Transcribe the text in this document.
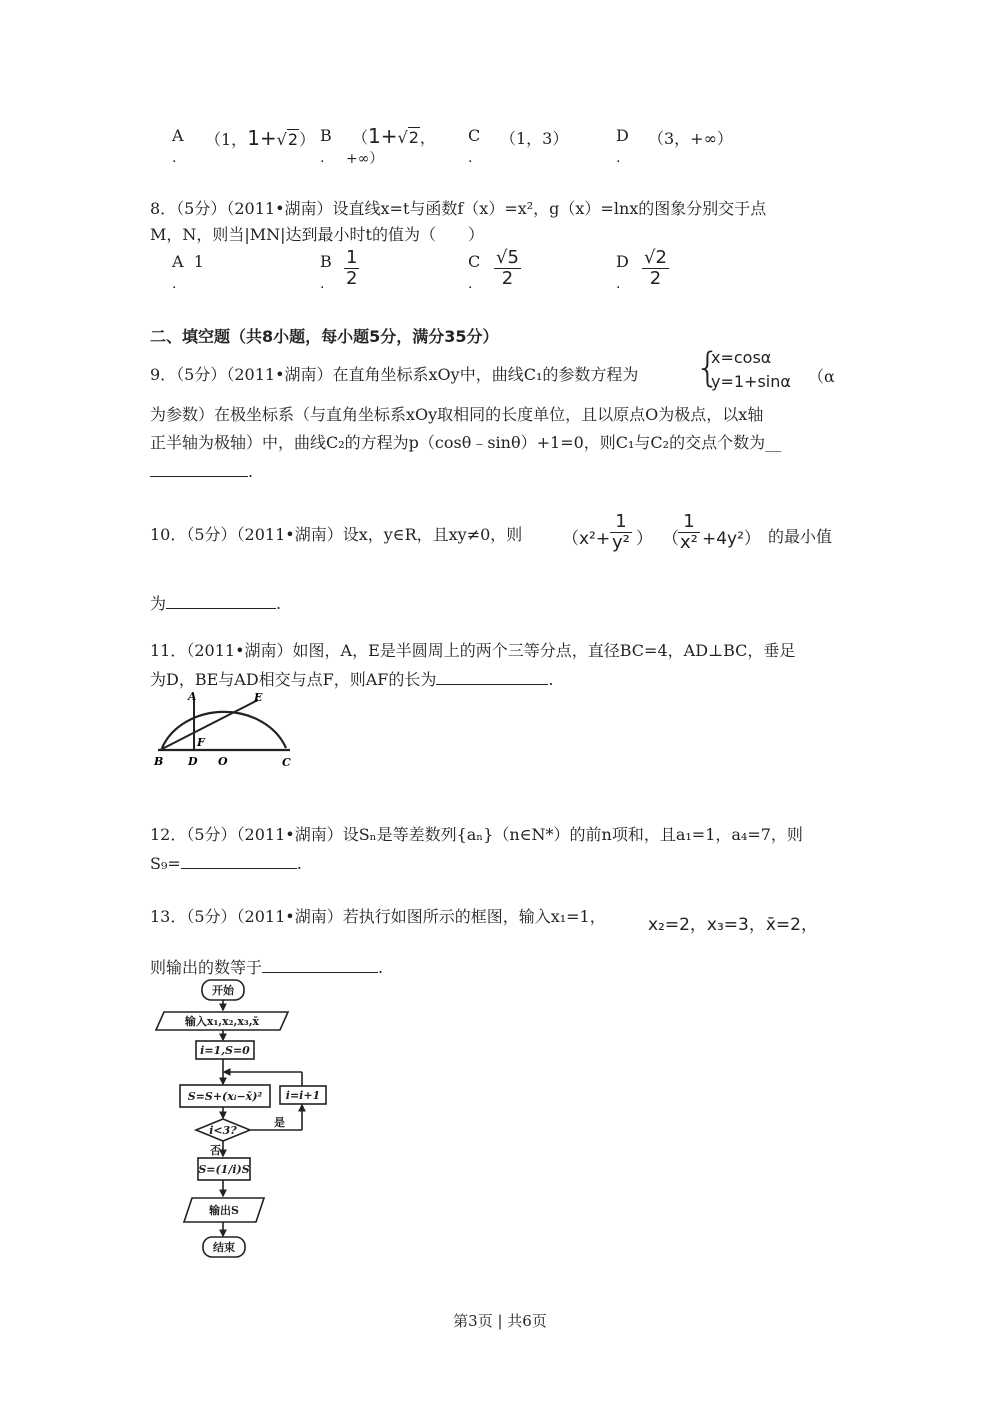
A （1，1+√2）
.
B （1+√2，
+∞）
.
C （1，3）
.
D （3，+∞）
.
8．（5分）（2011•湖南）设直线x=t与函数f（x）=x²，g（x）=lnx的图象分别交于点
M，N，则当|MN|达到最小时t的值为（　　）
A 1
.
B $\frac{1}{2}$
.
C $\frac{√5}{2}$
.
D $\frac{√2}{2}$
.
二、填空题（共8小题，每小题5分，满分35分）
9．（5分）（2011•湖南）在直角坐标系xOy中，曲线C₁的参数方程为 {
x=cosα
y=1+sinα （α
为参数）在极坐标系（与直角坐标系xOy取相同的长度单位，且以原点O为极点，以x轴
正半轴为极轴）中，曲线C₂的方程为p（cosθ﹣sinθ）+1=0，则C₁与C₂的交点个数为__
.
10．（5分）（2011•湖南）设x，y∈R，且xy≠0，则 （$x^2+ \frac{1}{\text{y²}}$ ） （ $\frac{1}{\text{x²}} +4y^2$） 的最小值
为	.
11．（2011•湖南）如图，A，E是半圆周上的两个三等分点，直径BC=4，AD⊥BC，垂足
为D，BE与AD相交与点F，则AF的长为	.
A	E
F
B D O	C
12．（5分）（2011•湖南）设Sₙ是等差数列{aₙ}（n∈N*）的前n项和，且a₁=1，a₄=7，则
S₉=	.
13．（5分）（2011•湖南）若执行如图所示的框图，输入x₁=1， x₂=2，x₃=3，x̄=2，
则输出的数等于	.
开始
输入x₁,x₂,x₃,x̄
i=1,S=0
S=S+(xᵢ−x̄)² i=i+1
i<3?
是
否
S=(1/i)S
输出S
结束
第3页 | 共6页
